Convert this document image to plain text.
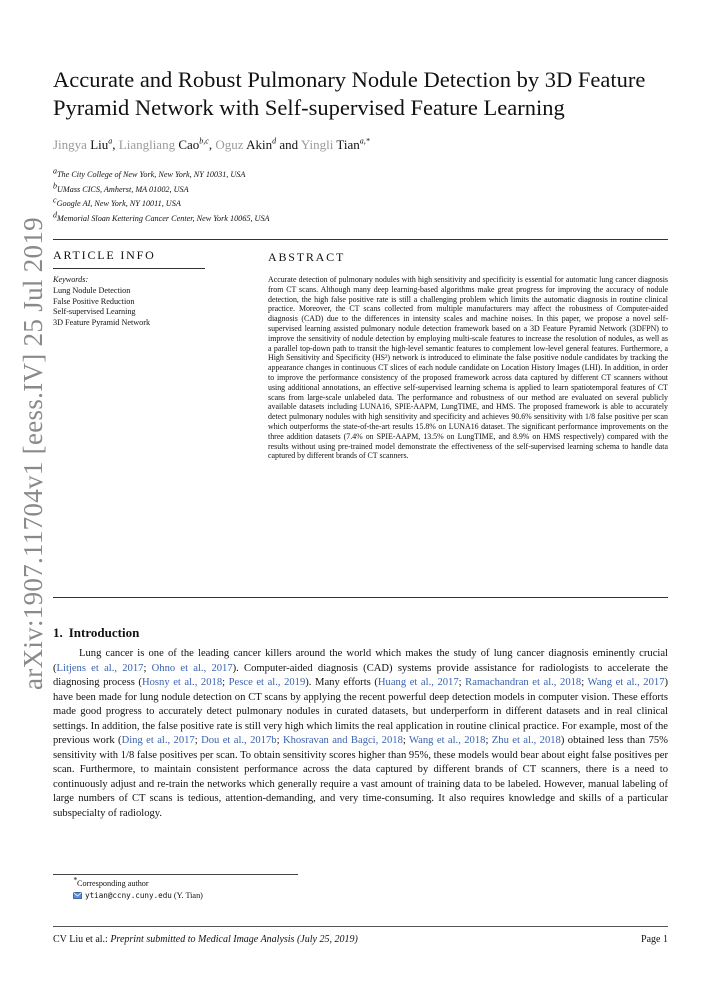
arXiv:1907.11704v1 [eess.IV] 25 Jul 2019
Accurate and Robust Pulmonary Nodule Detection by 3D Feature Pyramid Network with Self-supervised Feature Learning
Jingya Liu$^a$, Liangliang Cao$^{b,c}$, Oguz Akin$^d$ and Yingli Tian$^{a,*}$
$^a$The City College of New York, New York, NY 10031, USA
$^b$UMass CICS, Amherst, MA 01002, USA
$^c$Google AI, New York, NY 10011, USA
$^d$Memorial Sloan Kettering Cancer Center, New York 10065, USA
ARTICLE INFO
Keywords:
Lung Nodule Detection
False Positive Reduction
Self-supervised Learning
3D Feature Pyramid Network
ABSTRACT
Accurate detection of pulmonary nodules with high sensitivity and specificity is essential for automatic lung cancer diagnosis from CT scans. Although many deep learning-based algorithms make great progress for improving the accuracy of nodule detection, the high false positive rate is still a challenging problem which limits the automatic diagnosis in routine clinical practice. Moreover, the CT scans collected from multiple manufacturers may affect the robustness of Computer-aided diagnosis (CAD) due to the differences in intensity scales and machine noises. In this paper, we propose a novel self-supervised learning assisted pulmonary nodule detection framework based on a 3D Feature Pyramid Network (3DFPN) to improve the sensitivity of nodule detection by employing multi-scale features to increase the resolution of nodules, as well as a parallel top-down path to transit the high-level semantic features to complement low-level general features. Furthermore, a High Sensitivity and Specificity (HS²) network is introduced to eliminate the false positive nodule candidates by tracking the appearance changes in continuous CT slices of each nodule candidate on Location History Images (LHI). In addition, in order to improve the performance consistency of the proposed framework across data captured by different CT scanners without using additional annotations, an effective self-supervised learning schema is applied to learn spatiotemporal features of CT scans from large-scale unlabeled data. The performance and robustness of our method are evaluated on several publicly available datasets including LUNA16, SPIE-AAPM, LungTIME, and HMS. The proposed framework is able to accurately detect pulmonary nodules with high sensitivity and specificity and achieves 90.6% sensitivity with 1/8 false positive per scan which outperforms the state-of-the-art results 15.8% on LUNA16 dataset. The significant performance improvements on the three addition datasets (7.4% on SPIE-AAPM, 13.5% on LungTIME, and 8.9% on HMS respectively) compared with the results without using pre-trained model demonstrate the effectiveness of the self-supervised learning schema to handle data captured by different brands of CT scanners.
1. Introduction
Lung cancer is one of the leading cancer killers around the world which makes the study of lung cancer diagnosis eminently crucial (Litjens et al., 2017; Ohno et al., 2017). Computer-aided diagnosis (CAD) systems provide assistance for radiologists to accelerate the diagnosing process (Hosny et al., 2018; Pesce et al., 2019). Many efforts (Huang et al., 2017; Ramachandran et al., 2018; Wang et al., 2017) have been made for lung nodule detection on CT scans by applying the recent powerful deep detection models in computer vision. These efforts made good progress to accurately detect pulmonary nodules in curated datasets, but underperform in different datasets and in real clinical settings. In addition, the false positive rate is still very high which limits the real application in routine clinical practice. For example, most of the previous work (Ding et al., 2017; Dou et al., 2017b; Khosravan and Bagci, 2018; Wang et al., 2018; Zhu et al., 2018) obtained less than 75% sensitivity with 1/8 false positives per scan. To obtain sensitivity scores higher than 95%, these models would bear about eight false positives per scan. Furthermore, to maintain consistent performance across the data captured by different brands of CT scanners, there is a need to continuously adjust and re-train the networks which generally require a vast amount of training data to be labeled. However, manual labeling of large numbers of CT scans is tedious, attention-demanding, and very time-consuming. It also requires knowledge and skills of a particular subspecialty of radiology.
*Corresponding author
ytian@ccny.cuny.edu (Y. Tian)
CV Liu et al.: Preprint submitted to Medical Image Analysis (July 25, 2019)	Page 1
